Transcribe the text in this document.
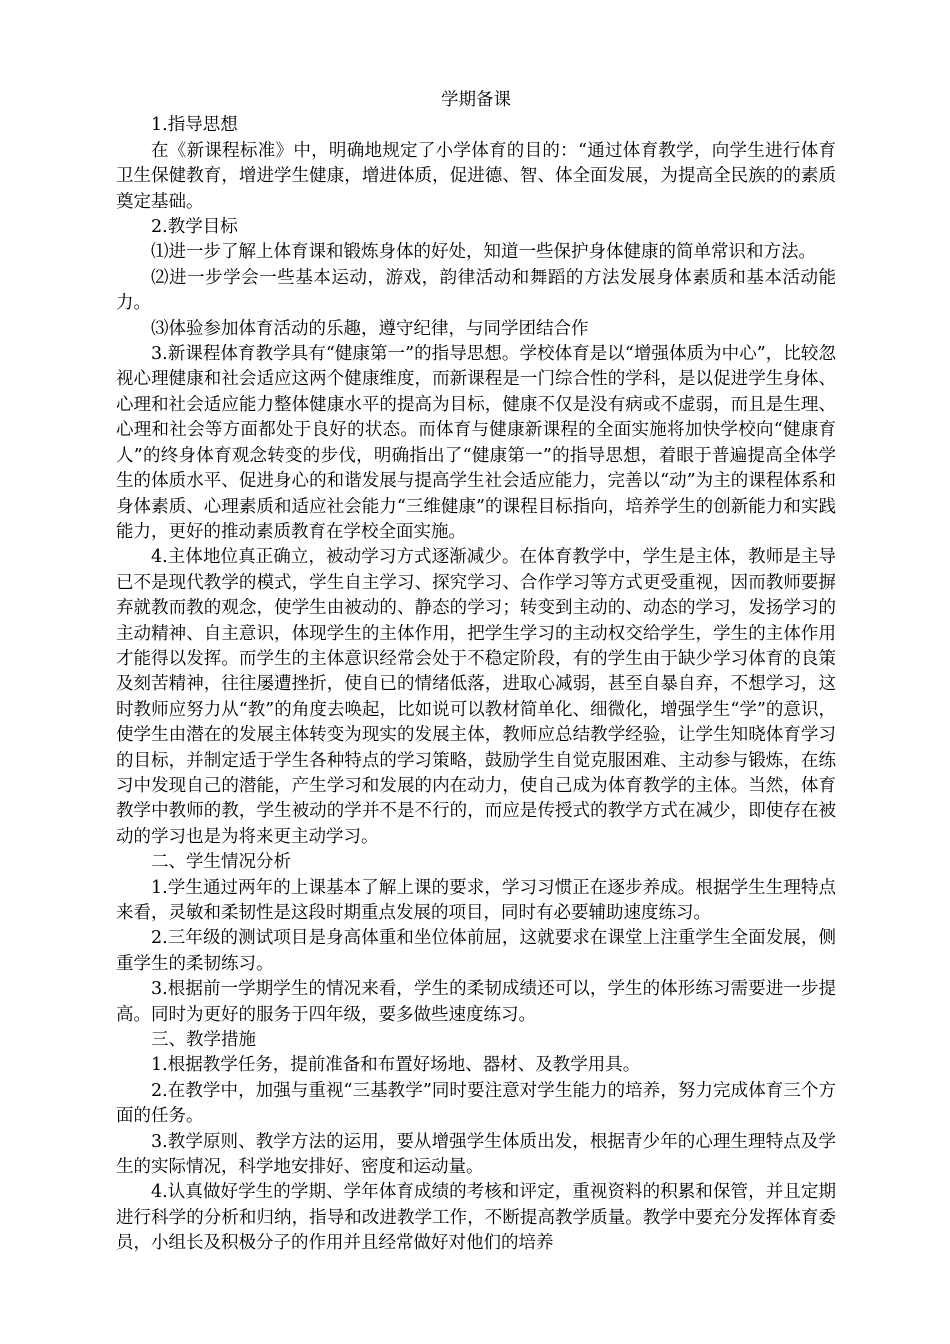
学期备课

1.指导思想

在《新课程标准》中，明确地规定了小学体育的目的：“通过体育教学，向学生进行体育卫生保健教育，增进学生健康，增进体质，促进德、智、体全面发展，为提高全民族的的素质奠定基础。

2.教学目标

⑴进一步了解上体育课和锻炼身体的好处，知道一些保护身体健康的简单常识和方法。

⑵进一步学会一些基本运动，游戏，韵律活动和舞蹈的方法发展身体素质和基本活动能力。

⑶体验参加体育活动的乐趣，遵守纪律，与同学团结合作

3.新课程体育教学具有“健康第一”的指导思想。学校体育是以“增强体质为中心”，比较忽视心理健康和社会适应这两个健康维度，而新课程是一门综合性的学科，是以促进学生身体、心理和社会适应能力整体健康水平的提高为目标，健康不仅是没有病或不虚弱，而且是生理、心理和社会等方面都处于良好的状态。而体育与健康新课程的全面实施将加快学校向“健康育人”的终身体育观念转变的步伐，明确指出了“健康第一”的指导思想，着眼于普遍提高全体学生的体质水平、促进身心的和谐发展与提高学生社会适应能力，完善以“动”为主的课程体系和身体素质、心理素质和适应社会能力“三维健康”的课程目标指向，培养学生的创新能力和实践能力，更好的推动素质教育在学校全面实施。

4.主体地位真正确立，被动学习方式逐渐减少。在体育教学中，学生是主体，教师是主导已不是现代教学的模式，学生自主学习、探究学习、合作学习等方式更受重视，因而教师要摒弃就教而教的观念，使学生由被动的、静态的学习；转变到主动的、动态的学习，发扬学习的主动精神、自主意识，体现学生的主体作用，把学生学习的主动权交给学生，学生的主体作用才能得以发挥。而学生的主体意识经常会处于不稳定阶段，有的学生由于缺少学习体育的良策及刻苦精神，往往屡遭挫折，使自已的情绪低落，进取心减弱，甚至自暴自弃，不想学习，这时教师应努力从“教”的角度去唤起，比如说可以教材简单化、细微化，增强学生“学”的意识，使学生由潜在的发展主体转变为现实的发展主体，教师应总结教学经验，让学生知晓体育学习的目标，并制定适于学生各种特点的学习策略，鼓励学生自觉克服困难、主动参与锻炼，在练习中发现自己的潜能，产生学习和发展的内在动力，使自己成为体育教学的主体。当然，体育教学中教师的教，学生被动的学并不是不行的，而应是传授式的教学方式在减少，即使存在被动的学习也是为将来更主动学习。

二、学生情况分析

1.学生通过两年的上课基本了解上课的要求，学习习惯正在逐步养成。根据学生生理特点来看，灵敏和柔韧性是这段时期重点发展的项目，同时有必要辅助速度练习。

2.三年级的测试项目是身高体重和坐位体前屈，这就要求在课堂上注重学生全面发展，侧重学生的柔韧练习。

3.根据前一学期学生的情况来看，学生的柔韧成绩还可以，学生的体形练习需要进一步提高。同时为更好的服务于四年级，要多做些速度练习。

三、教学措施

1.根据教学任务，提前准备和布置好场地、器材、及教学用具。

2.在教学中，加强与重视“三基教学”同时要注意对学生能力的培养，努力完成体育三个方面的任务。

3.教学原则、教学方法的运用，要从增强学生体质出发，根据青少年的心理生理特点及学生的实际情况，科学地安排好、密度和运动量。

4.认真做好学生的学期、学年体育成绩的考核和评定，重视资料的积累和保管，并且定期进行科学的分析和归纳，指导和改进教学工作，不断提高教学质量。教学中要充分发挥体育委员，小组长及积极分子的作用并且经常做好对他们的培养
